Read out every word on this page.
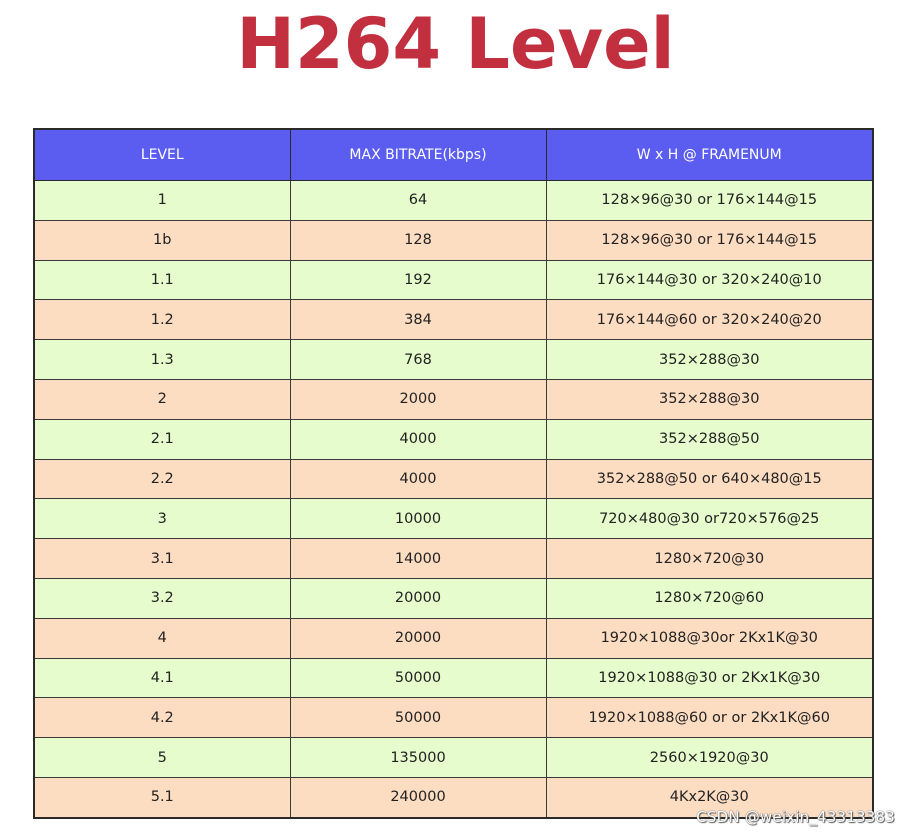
H264 Level
LEVEL	MAX BITRATE(kbps)	W x H @ FRAMENUM
1	64	128×96@30 or 176×144@15
1b	128	128×96@30 or 176×144@15
1.1	192	176×144@30 or 320×240@10
1.2	384	176×144@60 or 320×240@20
1.3	768	352×288@30
2	2000	352×288@30
2.1	4000	352×288@50
2.2	4000	352×288@50 or 640×480@15
3	10000	720×480@30 or720×576@25
3.1	14000	1280×720@30
3.2	20000	1280×720@60
4	20000	1920×1088@30or 2Kx1K@30
4.1	50000	1920×1088@30 or 2Kx1K@30
4.2	50000	1920×1088@60 or or 2Kx1K@60
5	135000	2560×1920@30
5.1	240000	4Kx2K@30
CSDN @weixin_43313383
